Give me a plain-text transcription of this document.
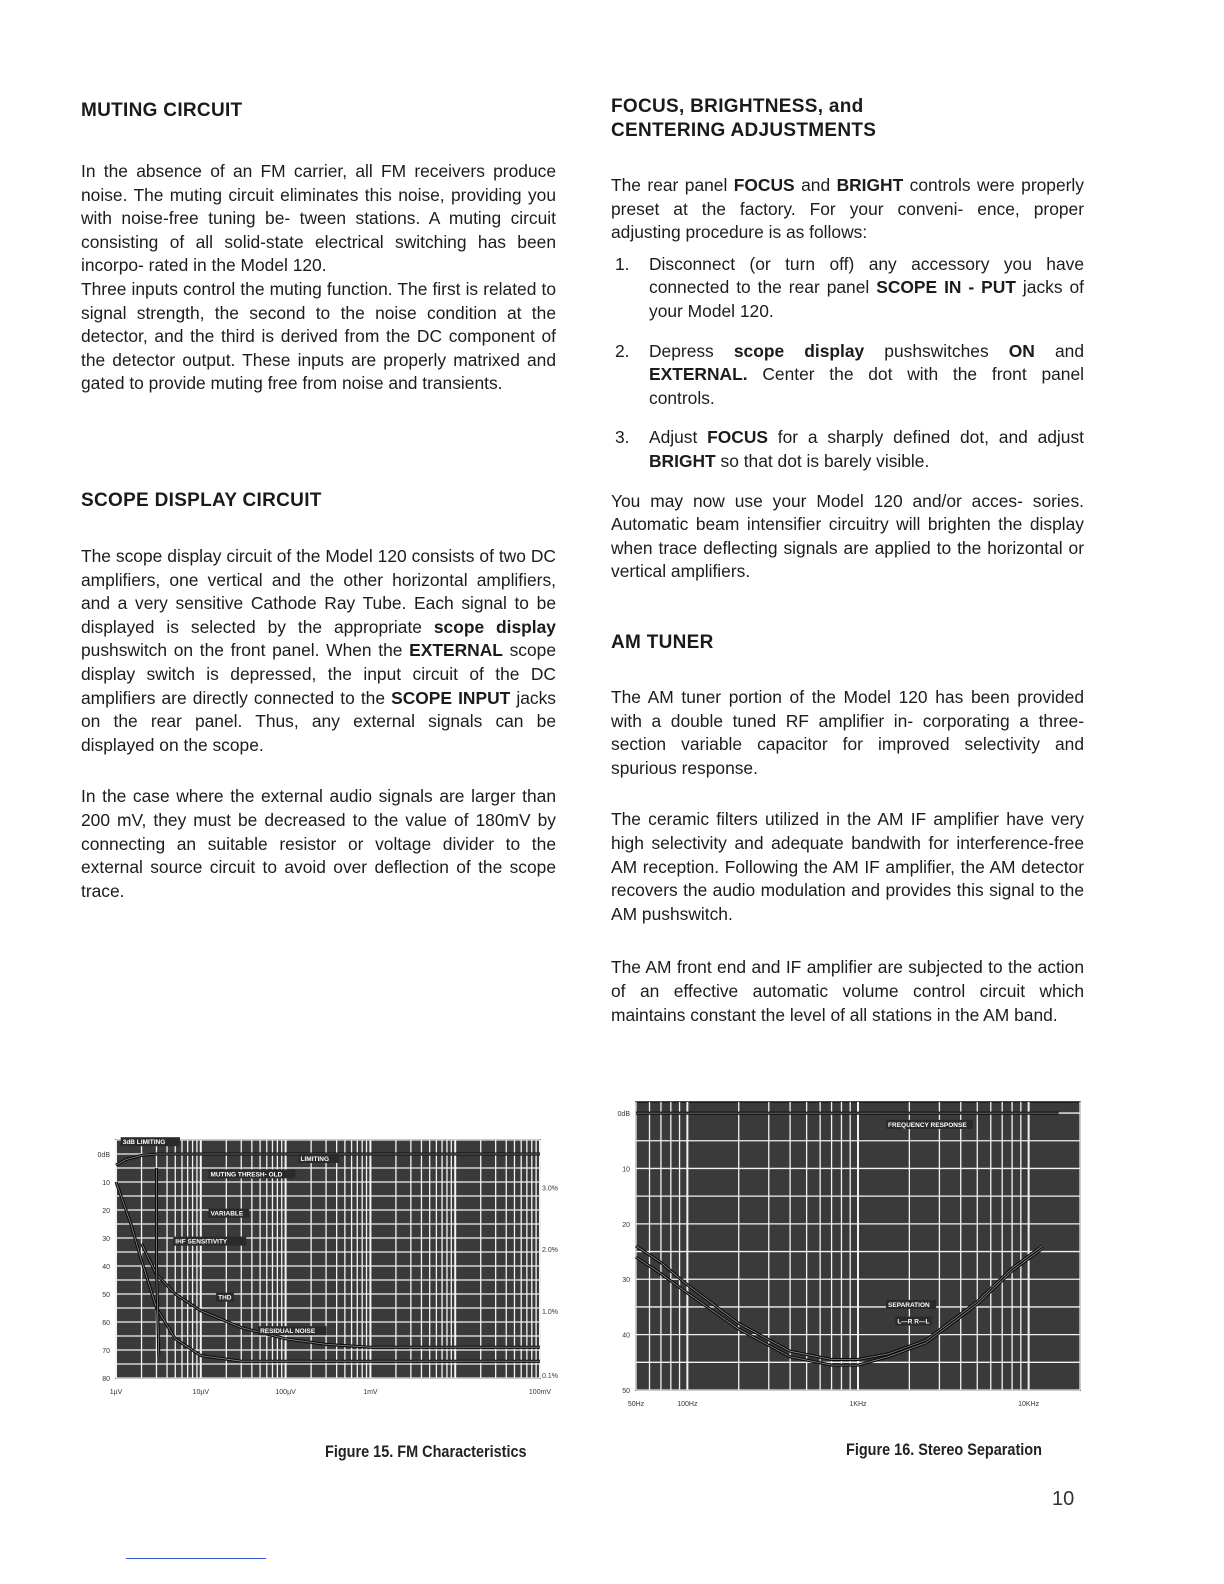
MUTING CIRCUIT

In the absence of an FM carrier, all FM receivers produce noise. The muting circuit eliminates this noise, providing you with noise-free tuning be- tween stations. A muting circuit consisting of all solid-state electrical switching has been incorpo- rated in the Model 120.

Three inputs control the muting function. The first is related to signal strength, the second to the noise condition at the detector, and the third is derived from the DC component of the detector output. These inputs are properly matrixed and gated to provide muting free from noise and transients.

SCOPE DISPLAY CIRCUIT

The scope display circuit of the Model 120 consists of two DC amplifiers, one vertical and the other horizontal amplifiers, and a very sensitive Cathode Ray Tube. Each signal to be displayed is selected by the appropriate scope display pushswitch on the front panel. When the EXTERNAL scope display switch is depressed, the input circuit of the DC amplifiers are directly connected to the SCOPE INPUT jacks on the rear panel. Thus, any external signals can be displayed on the scope.

In the case where the external audio signals are larger than 200 mV, they must be decreased to the value of 180mV by connecting an suitable resistor or voltage divider to the external source circuit to avoid over deflection of the scope trace.

FOCUS, BRIGHTNESS, and
CENTERING ADJUSTMENTS

The rear panel FOCUS and BRIGHT controls were properly preset at the factory. For your conveni- ence, proper adjusting procedure is as follows:

1. Disconnect (or turn off) any accessory you have connected to the rear panel SCOPE IN - PUT jacks of your Model 120.
2. Depress scope display pushswitches ON and EXTERNAL. Center the dot with the front panel controls.
3. Adjust FOCUS for a sharply defined dot, and adjust BRIGHT so that dot is barely visible.

You may now use your Model 120 and/or acces- sories. Automatic beam intensifier circuitry will brighten the display when trace deflecting signals are applied to the horizontal or vertical amplifiers.

AM TUNER

The AM tuner portion of the Model 120 has been provided with a double tuned RF amplifier in- corporating a three-section variable capacitor for improved selectivity and spurious response.

The ceramic filters utilized in the AM IF amplifier have very high selectivity and adequate bandwith for interference-free AM reception. Following the AM IF amplifier, the AM detector recovers the audio modulation and provides this signal to the AM pushswitch.

The AM front end and IF amplifier are subjected to the action of an effective automatic volume control circuit which maintains constant the level of all stations in the AM band.

0dB
10
20
30
40
50
60
70
80
1µV	10µV	100µV	1mV	100mV
3dB LIMITING
LIMITING
MUTING THRESH- OLD
VARIABLE
IHF SENSITIVITY
THD
RESIDUAL NOISE
3.0%
2.0%
1.0%
0.1%
0dB
10
20
30
40
50
50Hz	100Hz	1KHz	10KHz
FREQUENCY RESPONSE
SEPARATION
L—R R—L
Figure 15. FM Characteristics	Figure 16. Stereo Separation
10
